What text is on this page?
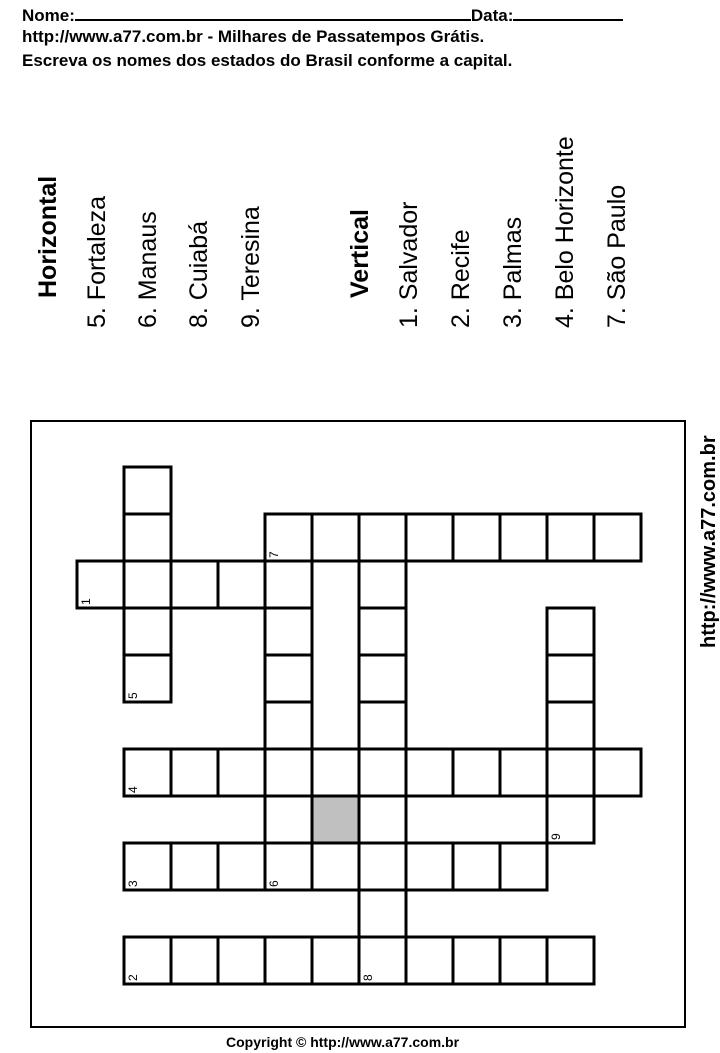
Nome:	Data:
http://www.a77.com.br - Milhares de Passatempos Grátis.
Escreva os nomes dos estados do Brasil conforme a capital.
Horizontal 5. Fortaleza 6. Manaus 8. Cuiabá 9. Teresina	Vertical 1. Salvador 2. Recife 3. Palmas 4. Belo Horizonte 7. São Paulo
1
2
3
4
5
6
7
8
9
http://www.a77.com.br
Copyright © http://www.a77.com.br
